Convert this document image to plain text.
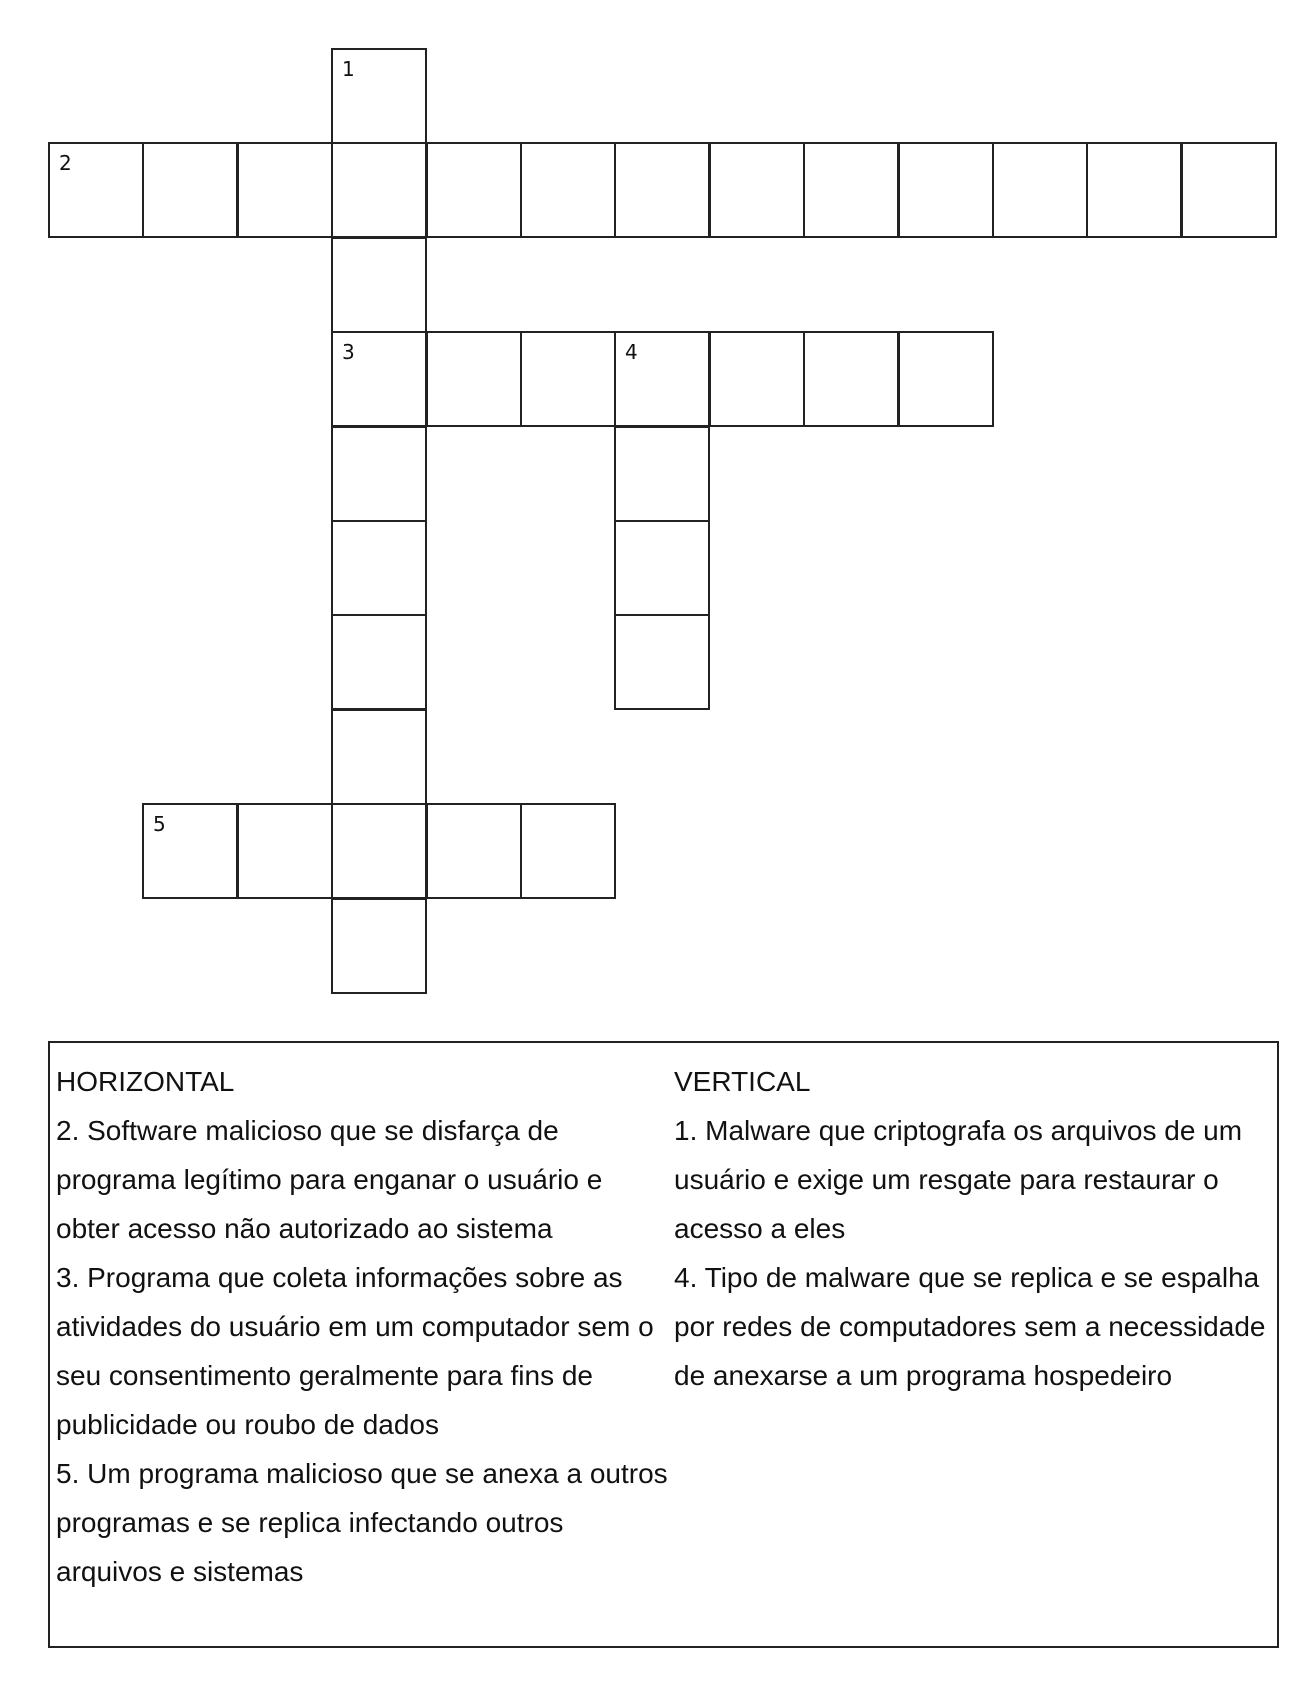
1
3
2
4
5

HORIZONTAL

2. Software malicioso que se disfarça de programa legítimo para enganar o usuário e obter acesso não autorizado ao sistema

3. Programa que coleta informações sobre as atividades do usuário em um computador sem o seu consentimento geralmente para fins de publicidade ou roubo de dados

5. Um programa malicioso que se anexa a outros programas e se replica infectando outros arquivos e sistemas

VERTICAL

1. Malware que criptografa os arquivos de um usuário e exige um resgate para restaurar o acesso a eles

4. Tipo de malware que se replica e se espalha por redes de computadores sem a necessidade de anexarse a um programa hospedeiro
